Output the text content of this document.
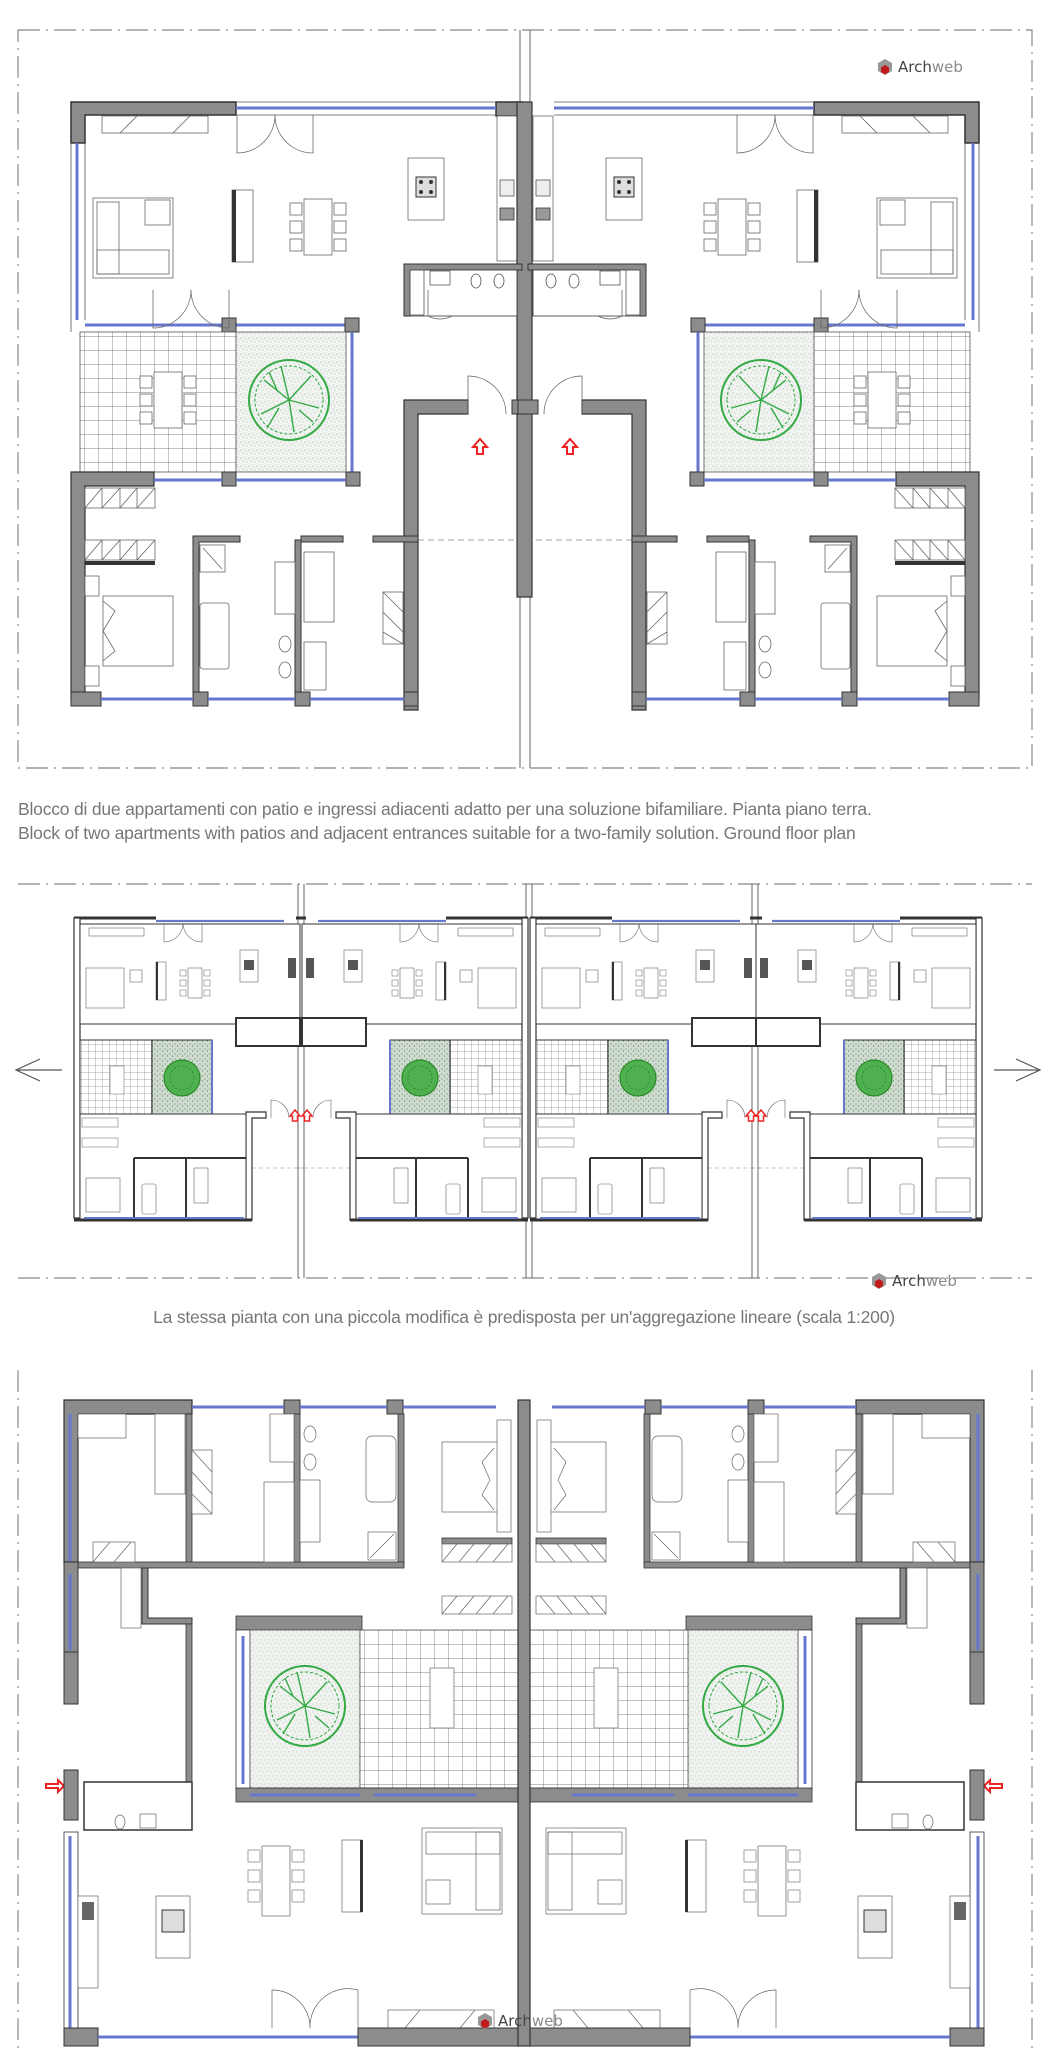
Archweb
Blocco di due appartamenti con patio e ingressi adiacenti adatto per una soluzione bifamiliare. Pianta piano terra.
Block of two apartments with patios and adjacent entrances suitable for a two-family solution. Ground floor plan
Archweb
La stessa pianta con una piccola modifica è predisposta per un'aggregazione lineare (scala 1:200)
Archweb
